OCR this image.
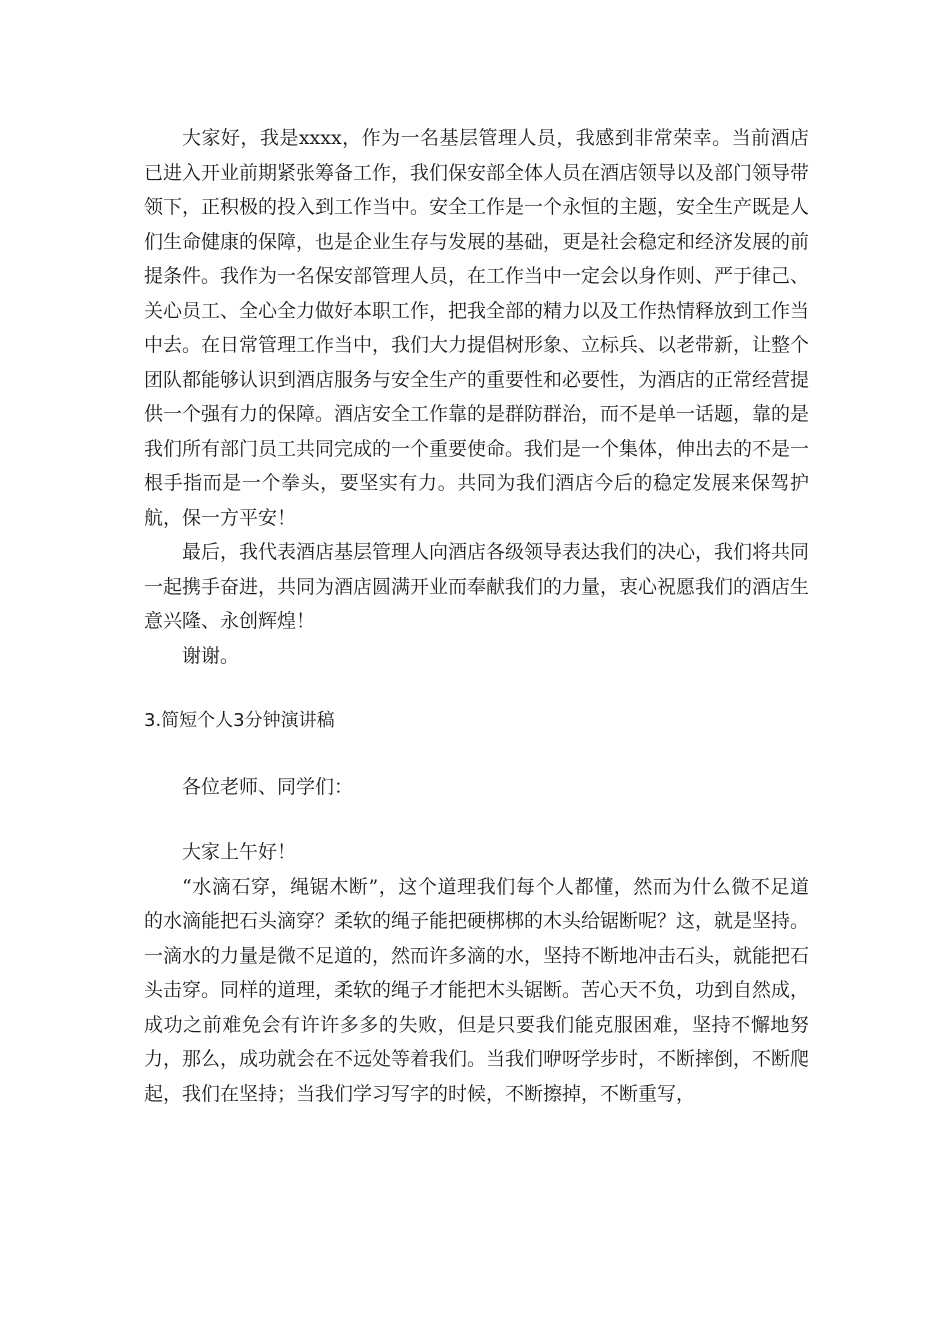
大家好，我是xxxx，作为一名基层管理人员，我感到非常荣幸。当前酒店已进入开业前期紧张筹备工作，我们保安部全体人员在酒店领导以及部门领导带领下，正积极的投入到工作当中。安全工作是一个永恒的主题，安全生产既是人们生命健康的保障，也是企业生存与发展的基础，更是社会稳定和经济发展的前提条件。我作为一名保安部管理人员，在工作当中一定会以身作则、严于律己、关心员工、全心全力做好本职工作，把我全部的精力以及工作热情释放到工作当中去。在日常管理工作当中，我们大力提倡树形象、立标兵、以老带新，让整个团队都能够认识到酒店服务与安全生产的重要性和必要性，为酒店的正常经营提供一个强有力的保障。酒店安全工作靠的是群防群治，而不是单一话题，靠的是我们所有部门员工共同完成的一个重要使命。我们是一个集体，伸出去的不是一根手指而是一个拳头，要坚实有力。共同为我们酒店今后的稳定发展来保驾护航，保一方平安！

最后，我代表酒店基层管理人向酒店各级领导表达我们的决心，我们将共同一起携手奋进，共同为酒店圆满开业而奉献我们的力量，衷心祝愿我们的酒店生意兴隆、永创辉煌！

谢谢。

3.简短个人3分钟演讲稿

各位老师、同学们：

大家上午好！

“水滴石穿，绳锯木断”，这个道理我们每个人都懂，然而为什么微不足道的水滴能把石头滴穿？柔软的绳子能把硬梆梆的木头给锯断呢？这，就是坚持。一滴水的力量是微不足道的，然而许多滴的水，坚持不断地冲击石头，就能把石头击穿。同样的道理，柔软的绳子才能把木头锯断。苦心天不负，功到自然成，成功之前难免会有许许多多的失败，但是只要我们能克服困难，坚持不懈地努力，那么，成功就会在不远处等着我们。当我们咿呀学步时，不断摔倒，不断爬起，我们在坚持；当我们学习写字的时候，不断擦掉，不断重写，
